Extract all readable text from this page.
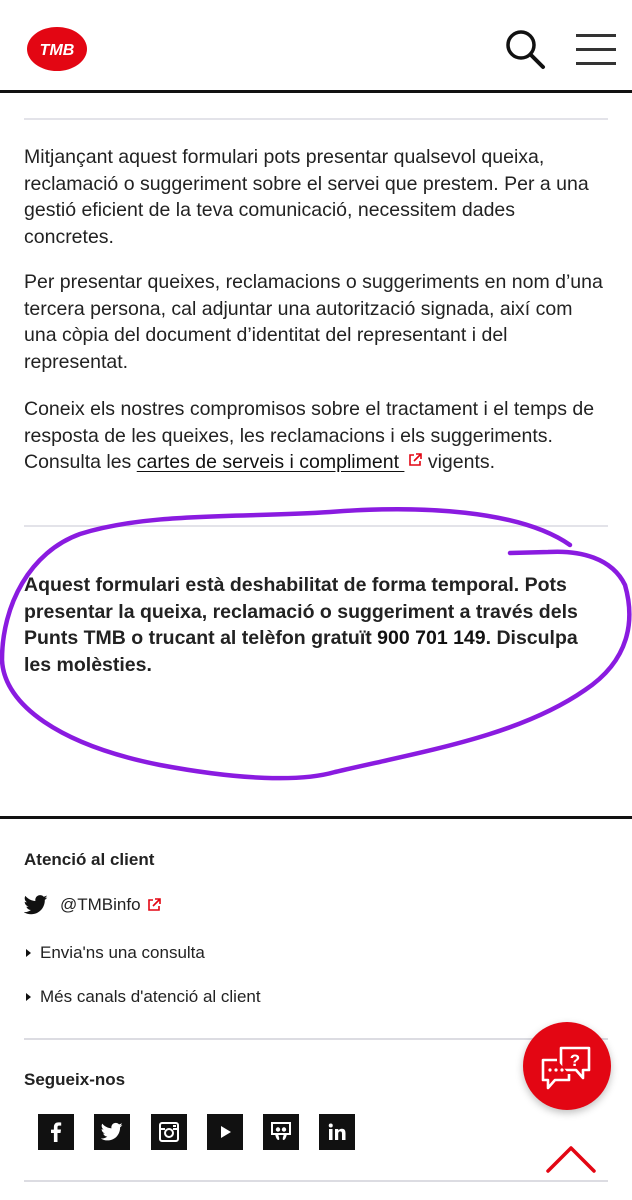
TMB

Mitjançant aquest formulari pots presentar qualsevol queixa, reclamació o suggeriment sobre el servei que prestem. Per a una gestió eficient de la teva comunicació, necessitem dades concretes.

Per presentar queixes, reclamacions o suggeriments en nom d’una tercera persona, cal adjuntar una autorització signada, així com una còpia del document d’identitat del representant i del representat.

Coneix els nostres compromisos sobre el tractament i el temps de resposta de les queixes, les reclamacions i els suggeriments. Consulta les cartes de serveis i compliment  vigents.

Aquest formulari està deshabilitat de forma temporal. Pots presentar la queixa, reclamació o suggeriment a través dels Punts TMB o trucant al telèfon gratuït 900 701 149. Disculpa les molèsties.

Atenció al client
@TMBinfo
Envia'ns una consulta
Més canals d'atenció al client
Segueix-nos
?
